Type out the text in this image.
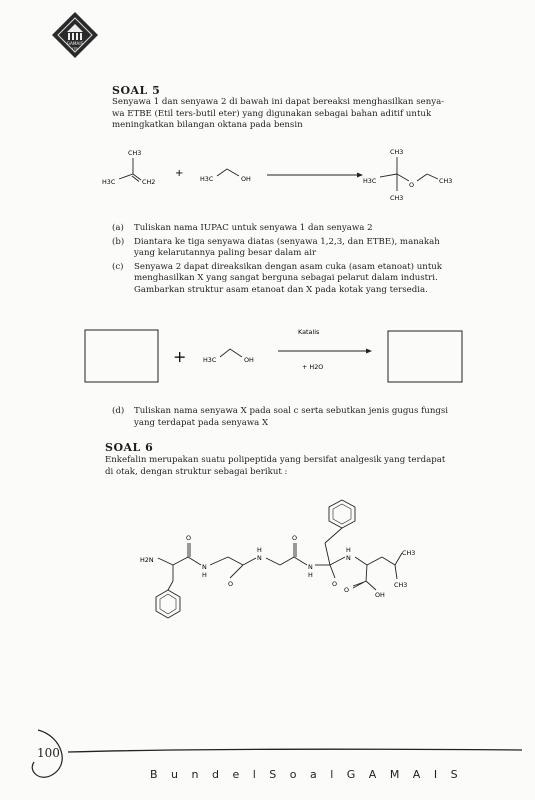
GAMAIS
ITB
SOAL 5
Senyawa 1 dan senyawa 2 di bawah ini dapat bereaksi menghasilkan senya-
wa ETBE (Etil ters-butil eter) yang digunakan sebagai bahan aditif untuk
meningkatkan bilangan oktana pada bensin
CH3
H3C	CH2
+	H3C	OH
CH3
H3C	O	CH3
CH3
(a) Tuliskan nama IUPAC untuk senyawa 1 dan senyawa 2
(b) Diantara ke tiga senyawa diatas (senyawa 1,2,3, dan ETBE), manakah
yang kelarutannya paling besar dalam air
(c) Senyawa 2 dapat direaksikan dengan asam cuka (asam etanoat) untuk
menghasilkan X yang sangat berguna sebagai pelarut dalam industri.
Gambarkan struktur asam etanoat dan X pada kotak yang tersedia.
+	H3C	OH
Katalis
+ H2O
(d) Tuliskan nama senyawa X pada soal c serta sebutkan jenis gugus fungsi
yang terdapat pada senyawa X
SOAL 6
Enkefalin merupakan suatu polipeptida yang bersifat analgesik yang terdapat
di otak, dengan struktur sebagai berikut :
H2N
O
N
H
O
N
H
O
N
H
O
N
H	CH3
CH3
O
OH
100
B u n d e l S o a l G A M A I S
